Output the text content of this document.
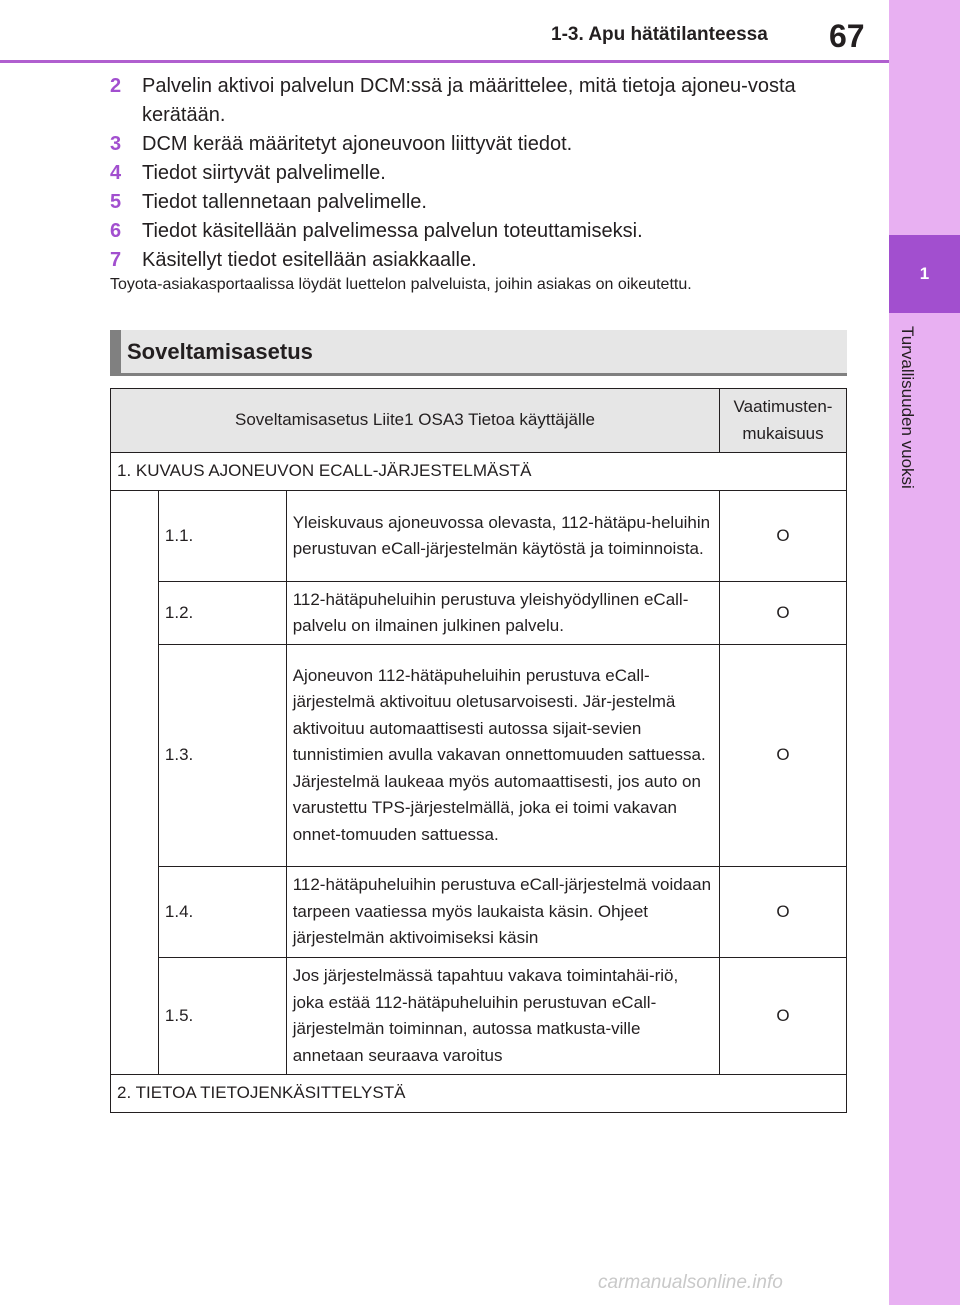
1-3. Apu hätätilanteessa 67
1
Turvallisuuden vuoksi
2 Palvelin aktivoi palvelun DCM:ssä ja määrittelee, mitä tietoja ajoneu-vosta kerätään.
3 DCM kerää määritetyt ajoneuvoon liittyvät tiedot.
4 Tiedot siirtyvät palvelimelle.
5 Tiedot tallennetaan palvelimelle.
6 Tiedot käsitellään palvelimessa palvelun toteuttamiseksi.
7 Käsitellyt tiedot esitellään asiakkaalle.
Toyota-asiakasportaalissa löydät luettelon palveluista, joihin asiakas on oikeutettu.
Soveltamisasetus
Soveltamisasetus Liite1 OSA3 Tietoa käyttäjälle			Vaatimusten-mukaisuus
1. KUVAUS AJONEUVON ECALL-JÄRJESTELMÄSTÄ			
	1.1.	Yleiskuvaus ajoneuvossa olevasta, 112-hätäpu-heluihin perustuvan eCall-järjestelmän käytöstä ja toiminnoista.	O
	1.2.	112-hätäpuheluihin perustuva yleishyödyllinen eCall-palvelu on ilmainen julkinen palvelu.	O
	1.3.	Ajoneuvon 112-hätäpuheluihin perustuva eCall-järjestelmä aktivoituu oletusarvoisesti. Jär-jestelmä aktivoituu automaattisesti autossa sijait-sevien tunnistimien avulla vakavan onnettomuuden sattuessa. Järjestelmä laukeaa myös automaattisesti, jos auto on varustettu TPS-järjestelmällä, joka ei toimi vakavan onnet-tomuuden sattuessa.	O
	1.4.	112-hätäpuheluihin perustuva eCall-järjestelmä voidaan tarpeen vaatiessa myös laukaista käsin. Ohjeet järjestelmän aktivoimiseksi käsin	O
	1.5.	Jos järjestelmässä tapahtuu vakava toimintahäi-riö, joka estää 112-hätäpuheluihin perustuvan eCall-järjestelmän toiminnan, autossa matkusta-ville annetaan seuraava varoitus	O
2. TIETOA TIETOJENKÄSITTELYSTÄ			
carmanualsonline.info
